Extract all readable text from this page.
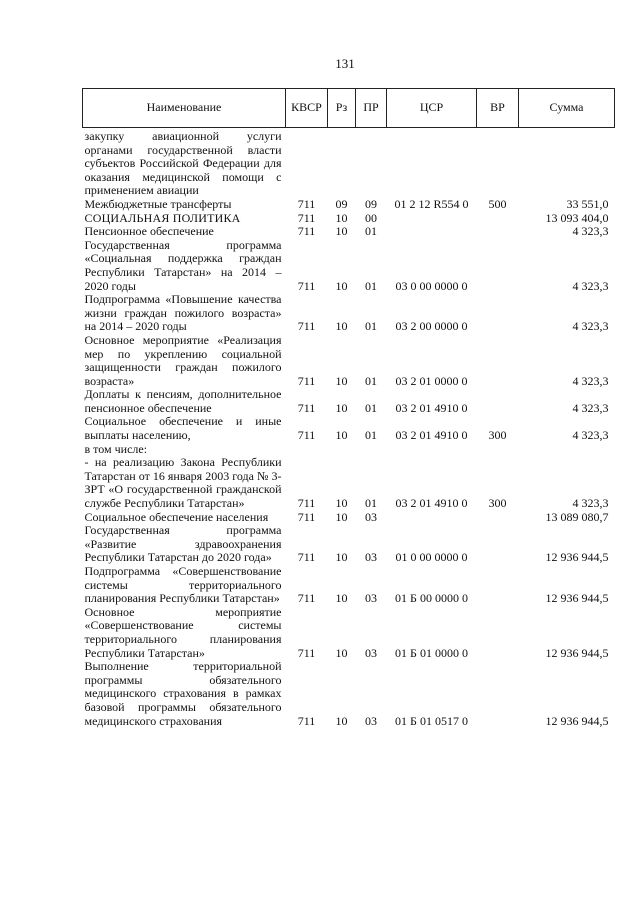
131
Наименование	КВСР	Рз	ПР	ЦСР	ВР	Сумма
закупку авиационной услуги органами государственной власти субъектов Российской Федерации для оказания медицинской помощи с применением авиации						
Межбюджетные трансферты	711	09	09	01 2 12 R554 0	500	33 551,0
СОЦИАЛЬНАЯ ПОЛИТИКА	711	10	00			13 093 404,0
Пенсионное обеспечение	711	10	01			4 323,3
Государственная программа «Социальная поддержка граждан Республики Татарстан» на 2014 – 2020 годы	711	10	01	03 0 00 0000 0		4 323,3
Подпрограмма «Повышение качества жизни граждан пожилого возраста» на 2014 – 2020 годы	711	10	01	03 2 00 0000 0		4 323,3
Основное мероприятие «Реализация мер по укреплению социальной защищенности граждан пожилого возраста»	711	10	01	03 2 01 0000 0		4 323,3
Доплаты к пенсиям, дополнительное пенсионное обеспечение	711	10	01	03 2 01 4910 0		4 323,3
Социальное обеспечение и иные выплаты населению,	711	10	01	03 2 01 4910 0	300	4 323,3
в том числе:						
- на реализацию Закона Республики Татарстан от 16 января 2003 года № 3-ЗРТ «О государственной гражданской службе Республики Татарстан»	711	10	01	03 2 01 4910 0	300	4 323,3
Социальное обеспечение населения	711	10	03			13 089 080,7
Государственная программа «Развитие здравоохранения Республики Татарстан до 2020 года»	711	10	03	01 0 00 0000 0		12 936 944,5
Подпрограмма «Совершенствование системы территориального планирования Республики Татарстан»	711	10	03	01 Б 00 0000 0		12 936 944,5
Основное мероприятие «Совершенствование системы территориального планирования Республики Татарстан»	711	10	03	01 Б 01 0000 0		12 936 944,5
Выполнение территориальной программы обязательного медицинского страхования в рамках базовой программы обязательного медицинского страхования	711	10	03	01 Б 01 0517 0		12 936 944,5
